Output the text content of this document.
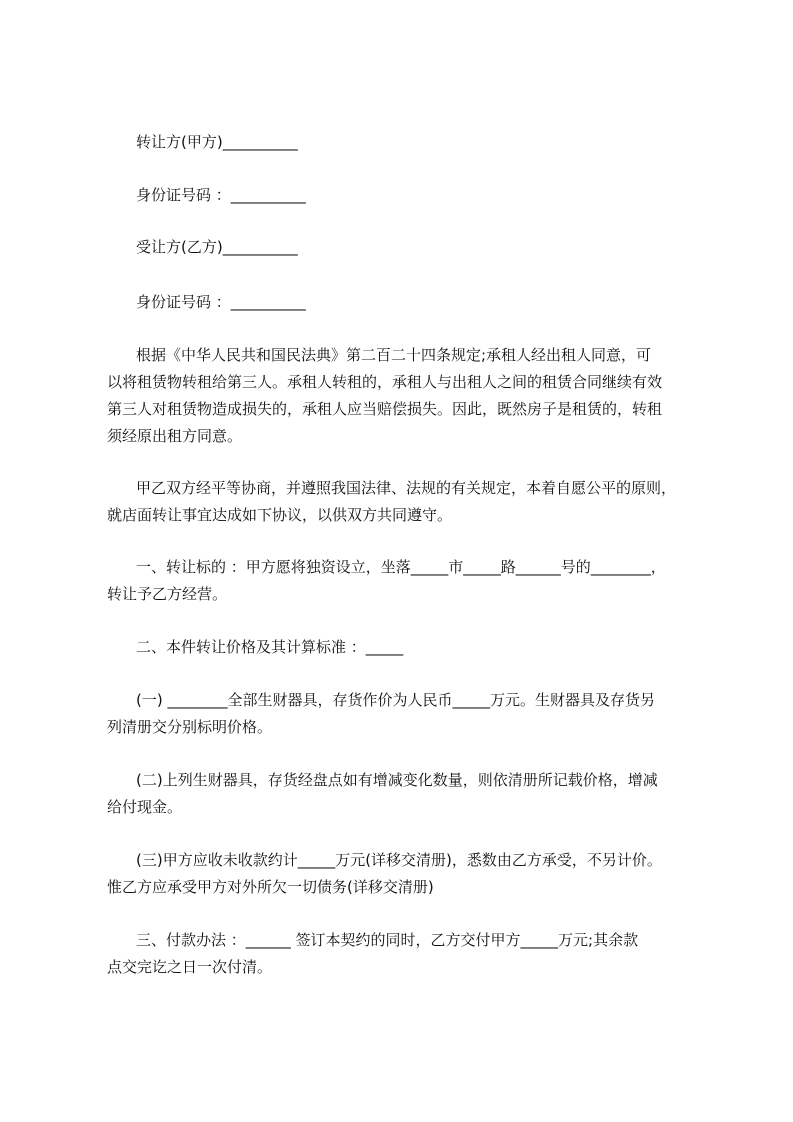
转让方(甲方)__________
身份证号码 ：__________
受让方(乙方)__________
身份证号码 ：__________
根据《中华人民共和国民法典》第二百二十四条规定;承租人经出租人同意，可
以将租赁物转租给第三人。承租人转租的，承租人与出租人之间的租赁合同继续有效
第三人对租赁物造成损失的，承租人应当赔偿损失。因此，既然房子是租赁的，转租
须经原出租方同意。
甲乙双方经平等协商，并遵照我国法律、法规的有关规定，本着自愿公平的原则，
就店面转让事宜达成如下协议，以供双方共同遵守。
一、转让标的 ：甲方愿将独资设立，坐落_____市_____路______号的________，
转让予乙方经营。
二、本件转让价格及其计算标准 ：_____
(一) ________全部生财器具，存货作价为人民币_____万元。生财器具及存货另
列清册交分别标明价格。
(二)上列生财器具，存货经盘点如有增减变化数量，则依清册所记载价格，增减
给付现金。
(三)甲方应收未收款约计_____万元(详移交清册)，悉数由乙方承受，不另计价。
惟乙方应承受甲方对外所欠一切债务(详移交清册)
三、付款办法 ：______ 签订本契约的同时，乙方交付甲方_____万元;其余款
点交完讫之日一次付清。
